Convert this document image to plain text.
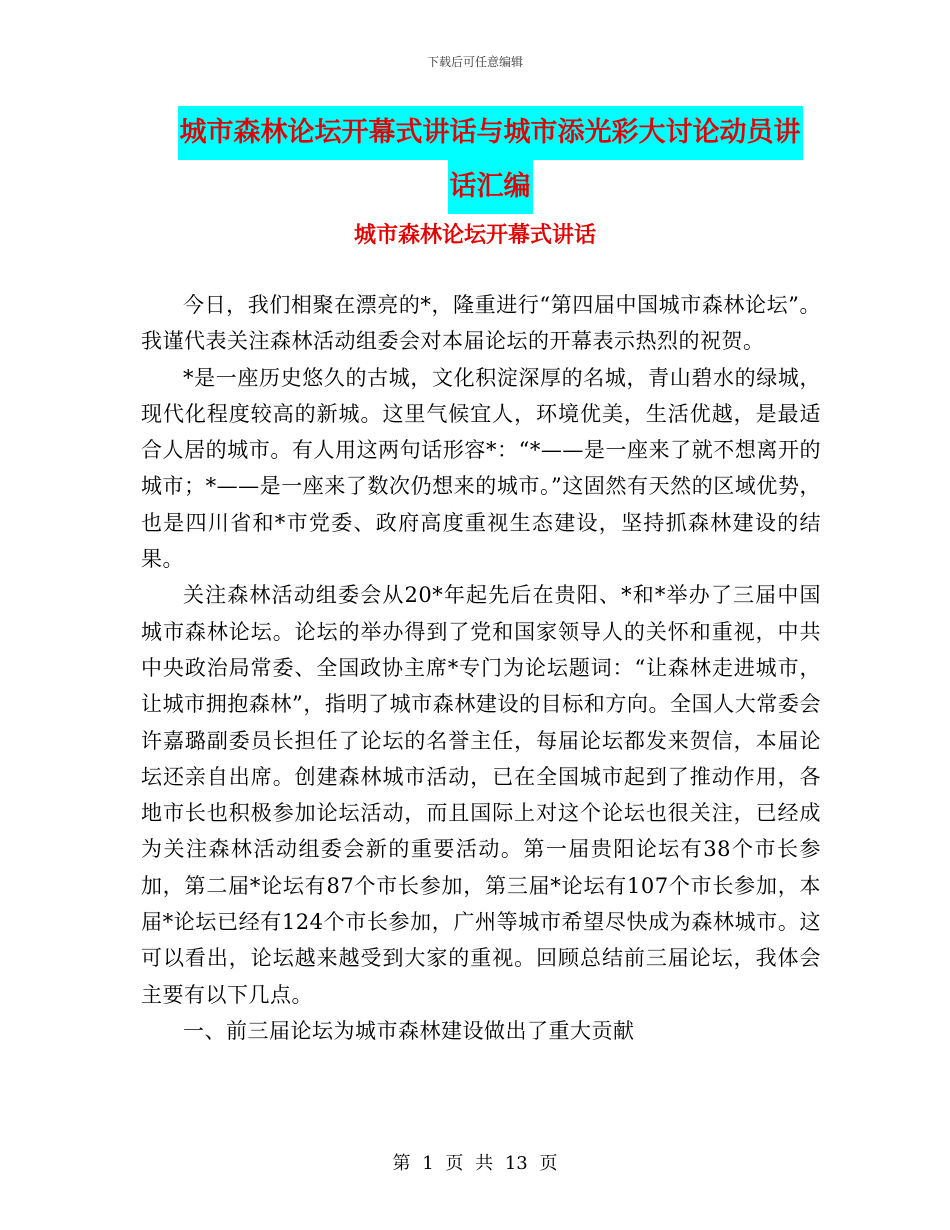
下载后可任意编辑
城市森林论坛开幕式讲话与城市添光彩大讨论动员讲
话汇编
城市森林论坛开幕式讲话

今日，我们相聚在漂亮的*，隆重进行“第四届中国城市森林论坛”。我谨代表关注森林活动组委会对本届论坛的开幕表示热烈的祝贺。

*是一座历史悠久的古城，文化积淀深厚的名城，青山碧水的绿城，现代化程度较高的新城。这里气候宜人，环境优美，生活优越，是最适合人居的城市。有人用这两句话形容*：“*——是一座来了就不想离开的城市；*——是一座来了数次仍想来的城市。”这固然有天然的区域优势，也是四川省和*市党委、政府高度重视生态建设，坚持抓森林建设的结果。

关注森林活动组委会从20*年起先后在贵阳、*和*举办了三届中国城市森林论坛。论坛的举办得到了党和国家领导人的关怀和重视，中共中央政治局常委、全国政协主席*专门为论坛题词：“让森林走进城市，让城市拥抱森林”，指明了城市森林建设的目标和方向。全国人大常委会许嘉璐副委员长担任了论坛的名誉主任，每届论坛都发来贺信，本届论坛还亲自出席。创建森林城市活动，已在全国城市起到了推动作用，各地市长也积极参加论坛活动，而且国际上对这个论坛也很关注，已经成为关注森林活动组委会新的重要活动。第一届贵阳论坛有38个市长参加，第二届*论坛有87个市长参加，第三届*论坛有107个市长参加，本届*论坛已经有124个市长参加，广州等城市希望尽快成为森林城市。这可以看出，论坛越来越受到大家的重视。回顾总结前三届论坛，我体会主要有以下几点。

一、前三届论坛为城市森林建设做出了重大贡献

第 1 页 共 13 页
